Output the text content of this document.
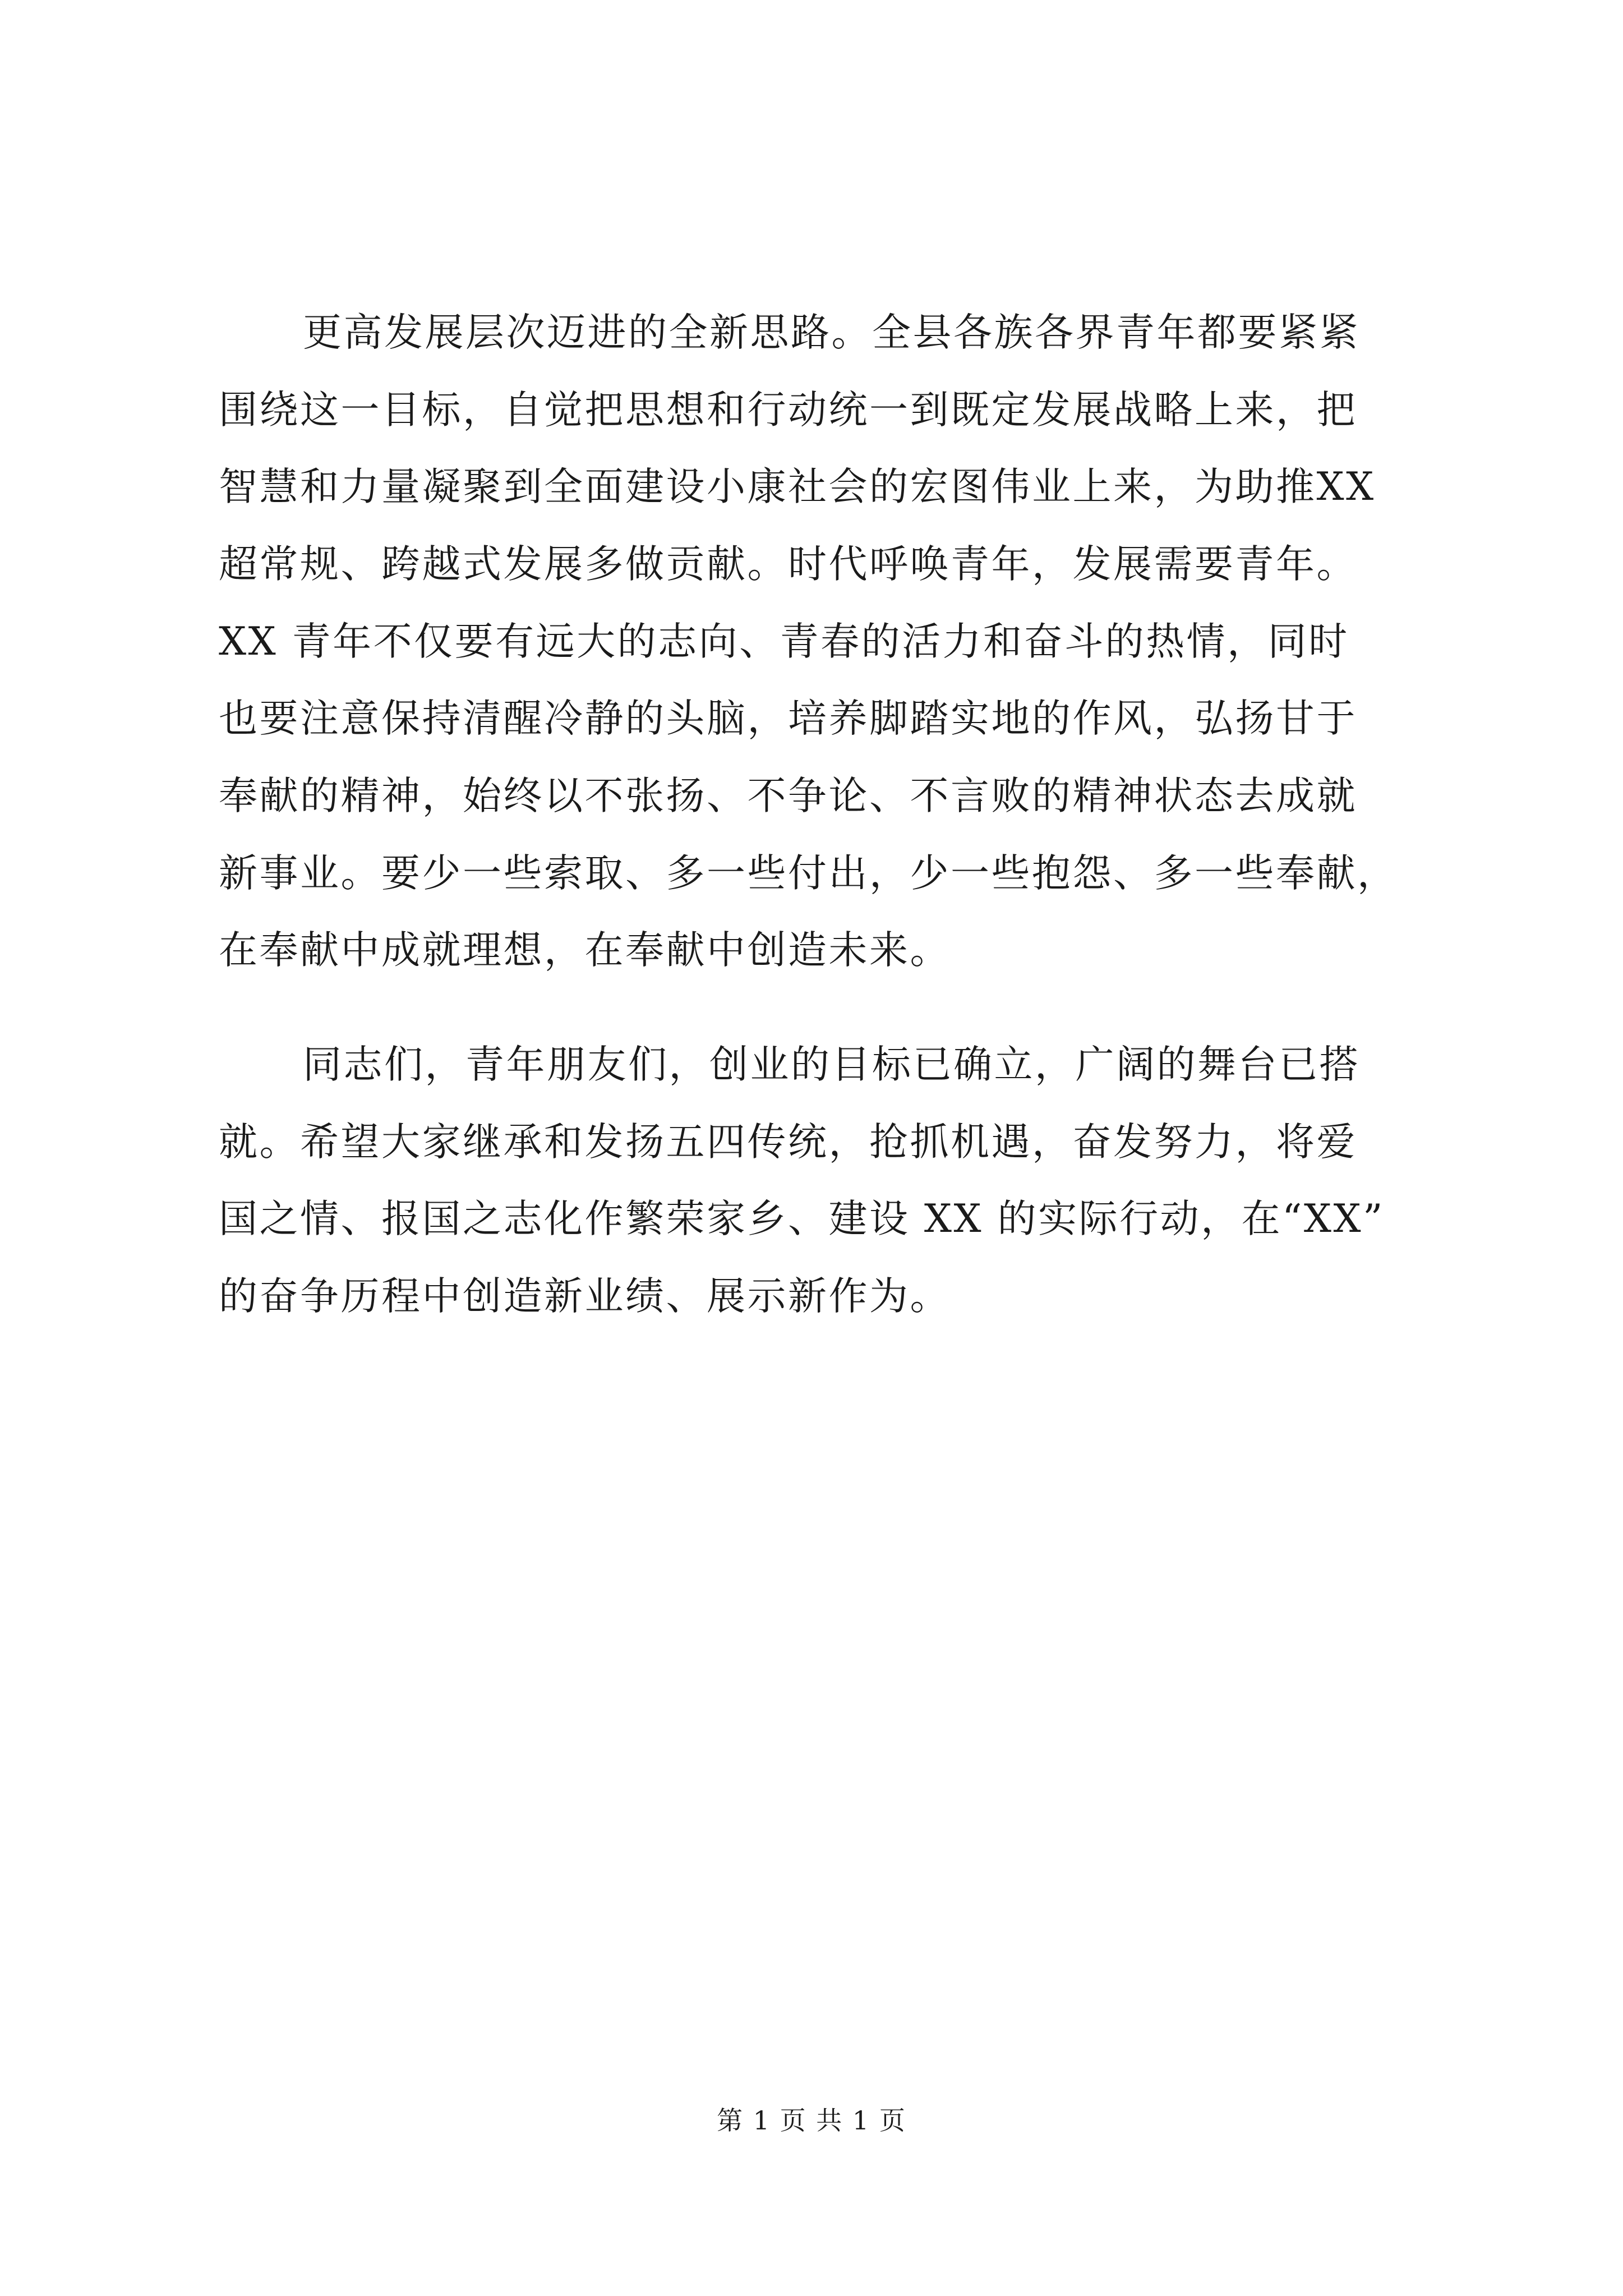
更高发展层次迈进的全新思路。全县各族各界青年都要紧紧
围绕这一目标，自觉把思想和行动统一到既定发展战略上来，把
智慧和力量凝聚到全面建设小康社会的宏图伟业上来，为助推XX
超常规、跨越式发展多做贡献。时代呼唤青年，发展需要青年。
XX 青年不仅要有远大的志向、青春的活力和奋斗的热情，同时
也要注意保持清醒冷静的头脑，培养脚踏实地的作风，弘扬甘于
奉献的精神，始终以不张扬、不争论、不言败的精神状态去成就
新事业。要少一些索取、多一些付出，少一些抱怨、多一些奉献，
在奉献中成就理想，在奉献中创造未来。
同志们，青年朋友们，创业的目标已确立，广阔的舞台已搭
就。希望大家继承和发扬五四传统，抢抓机遇，奋发努力，将爱
国之情、报国之志化作繁荣家乡、建设 XX 的实际行动，在“XX”
的奋争历程中创造新业绩、展示新作为。
第 1 页 共 1 页
